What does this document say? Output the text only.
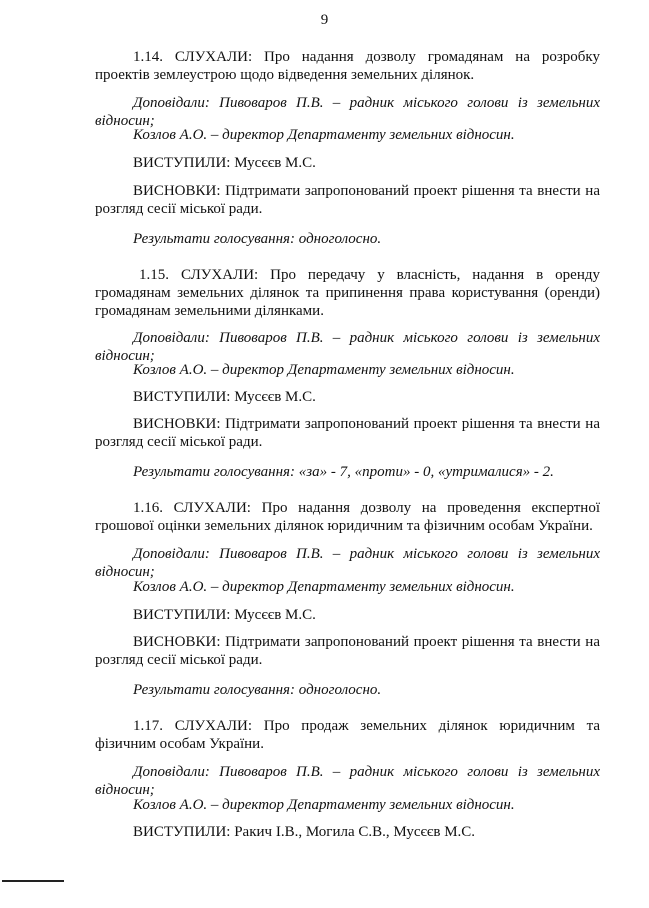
9

1.14. СЛУХАЛИ: Про надання дозволу громадянам на розробку проектів землеустрою щодо відведення земельних ділянок.

Доповідали: Пивоваров П.В. – радник міського голови із земельних відносин;

Козлов А.О. – директор Департаменту земельних відносин.

ВИСТУПИЛИ: Мусєєв М.С.

ВИСНОВКИ: Підтримати запропонований проект рішення та внести на розгляд сесії міської ради.

Результати голосування: одноголосно.

1.15. СЛУХАЛИ: Про передачу у власність, надання в оренду громадянам земельних ділянок та припинення права користування (оренди) громадянам земельними ділянками.

Доповідали: Пивоваров П.В. – радник міського голови із земельних відносин;

Козлов А.О. – директор Департаменту земельних відносин.

ВИСТУПИЛИ: Мусєєв М.С.

ВИСНОВКИ: Підтримати запропонований проект рішення та внести на розгляд сесії міської ради.

Результати голосування: «за» - 7, «проти» - 0, «утрималися» - 2.

1.16. СЛУХАЛИ: Про надання дозволу на проведення експертної грошової оцінки земельних ділянок юридичним та фізичним особам України.

Доповідали: Пивоваров П.В. – радник міського голови із земельних відносин;

Козлов А.О. – директор Департаменту земельних відносин.

ВИСТУПИЛИ: Мусєєв М.С.

ВИСНОВКИ: Підтримати запропонований проект рішення та внести на розгляд сесії міської ради.

Результати голосування: одноголосно.

1.17. СЛУХАЛИ: Про продаж земельних ділянок юридичним та фізичним особам України.

Доповідали: Пивоваров П.В. – радник міського голови із земельних відносин;

Козлов А.О. – директор Департаменту земельних відносин.

ВИСТУПИЛИ: Ракич І.В., Могила С.В., Мусєєв М.С.
